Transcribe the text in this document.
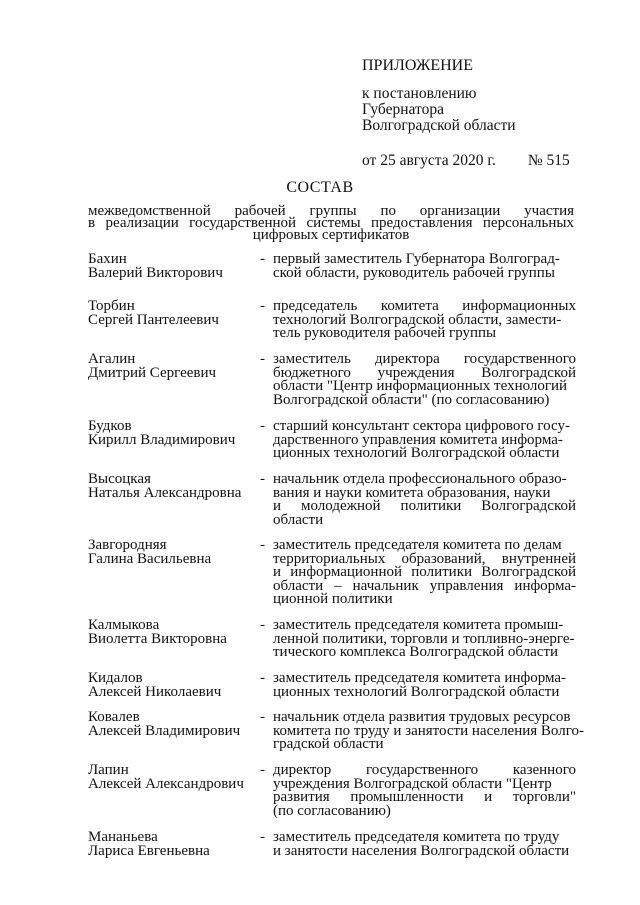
ПРИЛОЖЕНИЕ
к постановлению
Губернатора
Волгоградской области
от 25 августа 2020 г. № 515
СОСТАВ
межведомственной рабочей группы по организации участия
в реализации государственной системы предоставления персональных
цифровых сертификатов
Бахин
Валерий Викторович
- первый заместитель Губернатора Волгоград-
ской области, руководитель рабочей группы
Торбин
Сергей Пантелеевич
- председатель комитета информационных
технологий Волгоградской области, замести-
тель руководителя рабочей группы
Агалин
Дмитрий Сергеевич
- заместитель директора государственного
бюджетного учреждения Волгоградской
области "Центр информационных технологий
Волгоградской области" (по согласованию)
Будков
Кирилл Владимирович
- старший консультант сектора цифрового госу-
дарственного управления комитета информа-
ционных технологий Волгоградской области
Высоцкая
Наталья Александровна
- начальник отдела профессионального образо-
вания и науки комитета образования, науки
и молодежной политики Волгоградской
области
Завгородняя
Галина Васильевна
- заместитель председателя комитета по делам
территориальных образований, внутренней
и информационной политики Волгоградской
области – начальник управления информа-
ционной политики
Калмыкова
Виолетта Викторовна
- заместитель председателя комитета промыш-
ленной политики, торговли и топливно-энерге-
тического комплекса Волгоградской области
Кидалов
Алексей Николаевич
- заместитель председателя комитета информа-
ционных технологий Волгоградской области
Ковалев
Алексей Владимирович
- начальник отдела развития трудовых ресурсов
комитета по труду и занятости населения Волго-
градской области
Лапин
Алексей Александрович
- директор государственного казенного
учреждения Волгоградской области "Центр
развития промышленности и торговли"
(по согласованию)
Мананьева
Лариса Евгеньевна
- заместитель председателя комитета по труду
и занятости населения Волгоградской области
